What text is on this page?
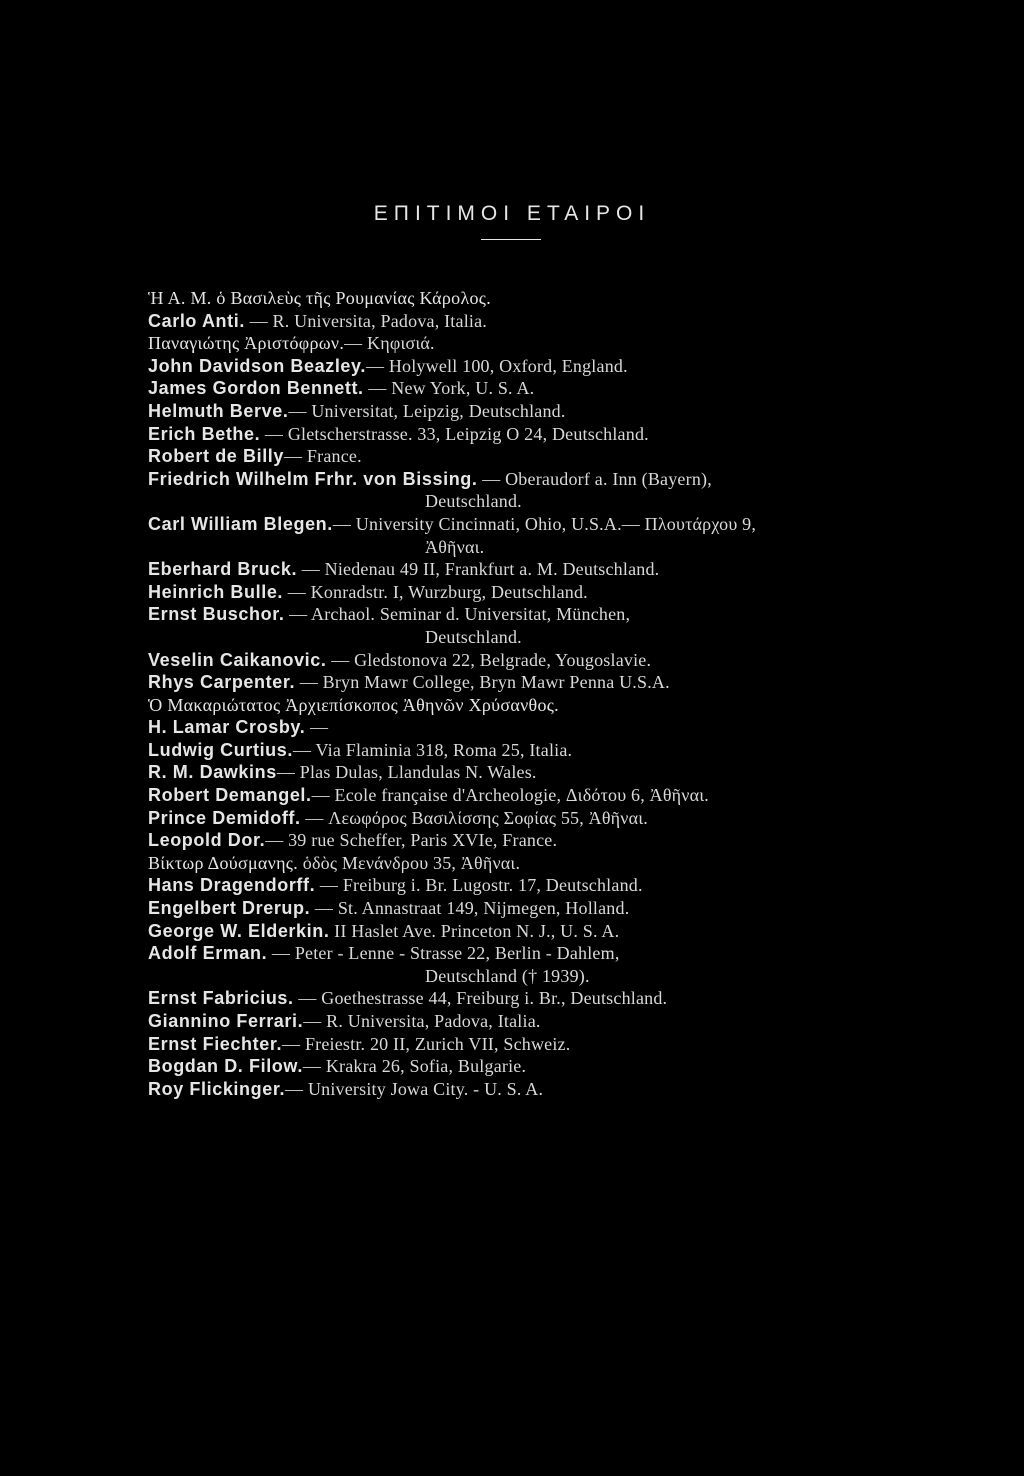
ΕΠΙΤΙΜΟΙ ΕΤΑΙΡΟΙ
Ἡ Α. Μ. ὁ Βασιλεὺς τῆς Ρουμανίας Κάρολος.
Carlo Anti. — R. Universita, Padova, Italia.
Παναγιώτης Ἀριστόφρων.— Κηφισιά.
John Davidson Beazley.— Holywell 100, Oxford, England.
James Gordon Bennett. — New York, U. S. A.
Helmuth Berve.— Universitat, Leipzig, Deutschland.
Erich Bethe. — Gletscherstrasse. 33, Leipzig O 24, Deutschland.
Robert de Billy— France.
Friedrich Wilhelm Frhr. von Bissing. — Oberaudorf a. Inn (Bayern),
Deutschland.
Carl William Blegen.— University Cincinnati, Ohio, U.S.A.— Πλουτάρχου 9,
Ἀθῆναι.
Eberhard Bruck. — Niedenau 49 II, Frankfurt a. M. Deutschland.
Heinrich Bulle. — Konradstr. I, Wurzburg, Deutschland.
Ernst Buschor. — Archaol. Seminar d. Universitat, München,
Deutschland.
Veselin Caikanovic. — Gledstonova 22, Belgrade, Yougoslavie.
Rhys Carpenter. — Bryn Mawr College, Bryn Mawr Penna U.S.A.
Ὁ Μακαριώτατος Ἀρχιεπίσκοπος Ἀθηνῶν Χρύσανθος.
H. Lamar Crosby. —
Ludwig Curtius.— Via Flaminia 318, Roma 25, Italia.
R. M. Dawkins— Plas Dulas, Llandulas N. Wales.
Robert Demangel.— Ecole française d'Archeologie, Διδότου 6, Ἀθῆναι.
Prince Demidoff. — Λεωφόρος Βασιλίσσης Σοφίας 55, Ἀθῆναι.
Leopold Dor.— 39 rue Scheffer, Paris XVIe, France.
Βίκτωρ Δούσμανης. ὁδὸς Μενάνδρου 35, Ἀθῆναι.
Hans Dragendorff. — Freiburg i. Br. Lugostr. 17, Deutschland.
Engelbert Drerup. — St. Annastraat 149, Nijmegen, Holland.
George W. Elderkin. II Haslet Ave. Princeton N. J., U. S. A.
Adolf Erman. — Peter - Lenne - Strasse 22, Berlin - Dahlem,
Deutschland († 1939).
Ernst Fabricius. — Goethestrasse 44, Freiburg i. Br., Deutschland.
Giannino Ferrari.— R. Universita, Padova, Italia.
Ernst Fiechter.— Freiestr. 20 II, Zurich VII, Schweiz.
Bogdan D. Filow.— Krakra 26, Sofia, Bulgarie.
Roy Flickinger.— University Jowa City. - U. S. A.
